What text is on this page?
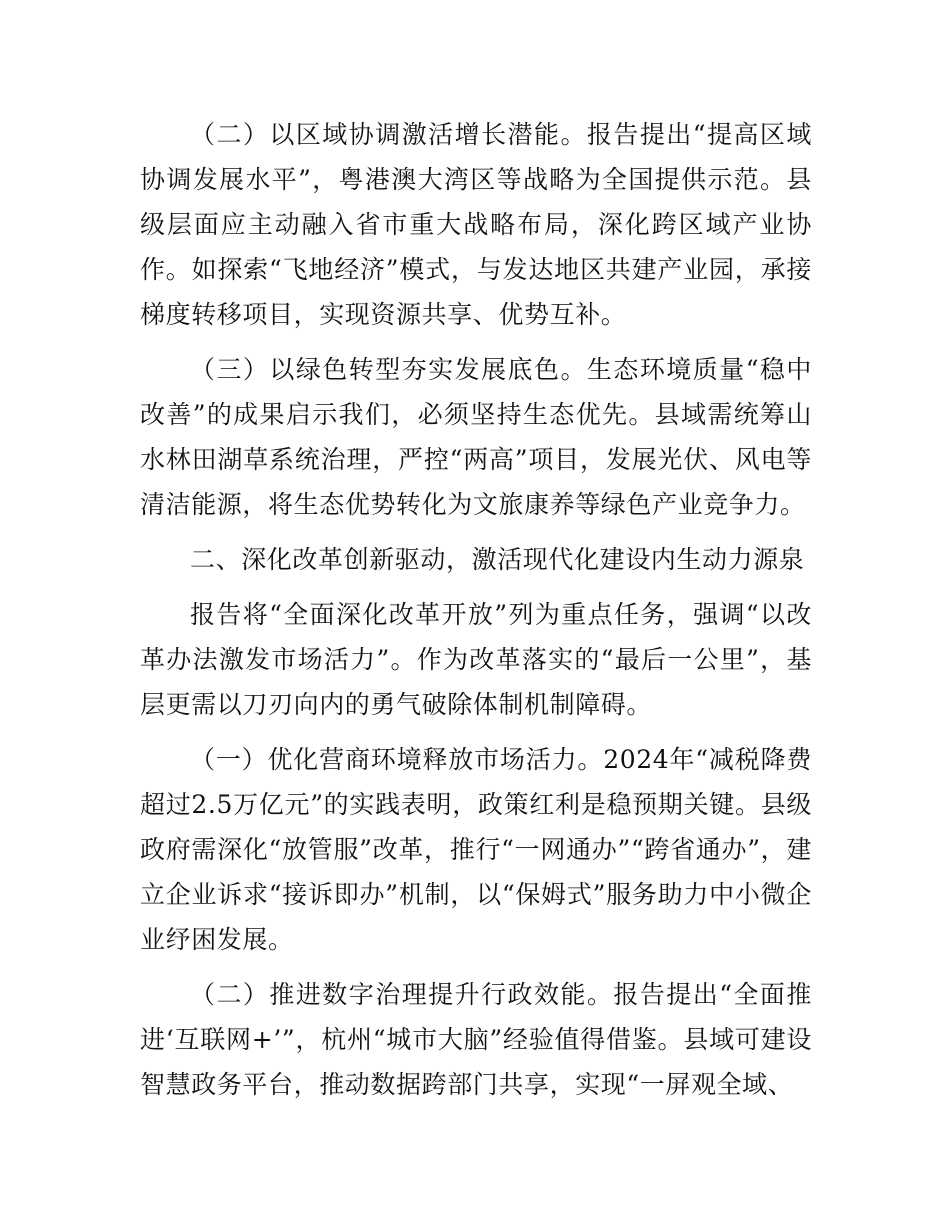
（二）以区域协调激活增长潜能。报告提出“提高区域协调发展水平”，粤港澳大湾区等战略为全国提供示范。县级层面应主动融入省市重大战略布局，深化跨区域产业协作。如探索“飞地经济”模式，与发达地区共建产业园，承接梯度转移项目，实现资源共享、优势互补。

（三）以绿色转型夯实发展底色。生态环境质量“稳中改善”的成果启示我们，必须坚持生态优先。县域需统筹山水林田湖草系统治理，严控“两高”项目，发展光伏、风电等清洁能源，将生态优势转化为文旅康养等绿色产业竞争力。

二、深化改革创新驱动，激活现代化建设内生动力源泉

报告将“全面深化改革开放”列为重点任务，强调“以改革办法激发市场活力”。作为改革落实的“最后一公里”，基层更需以刀刃向内的勇气破除体制机制障碍。

（一）优化营商环境释放市场活力。2024年“减税降费超过2.5万亿元”的实践表明，政策红利是稳预期关键。县级政府需深化“放管服”改革，推行“一网通办”“跨省通办”，建立企业诉求“接诉即办”机制，以“保姆式”服务助力中小微企业纾困发展。

（二）推进数字治理提升行政效能。报告提出“全面推进‘互联网+’”，杭州“城市大脑”经验值得借鉴。县域可建设智慧政务平台，推动数据跨部门共享，实现“一屏观全域、
